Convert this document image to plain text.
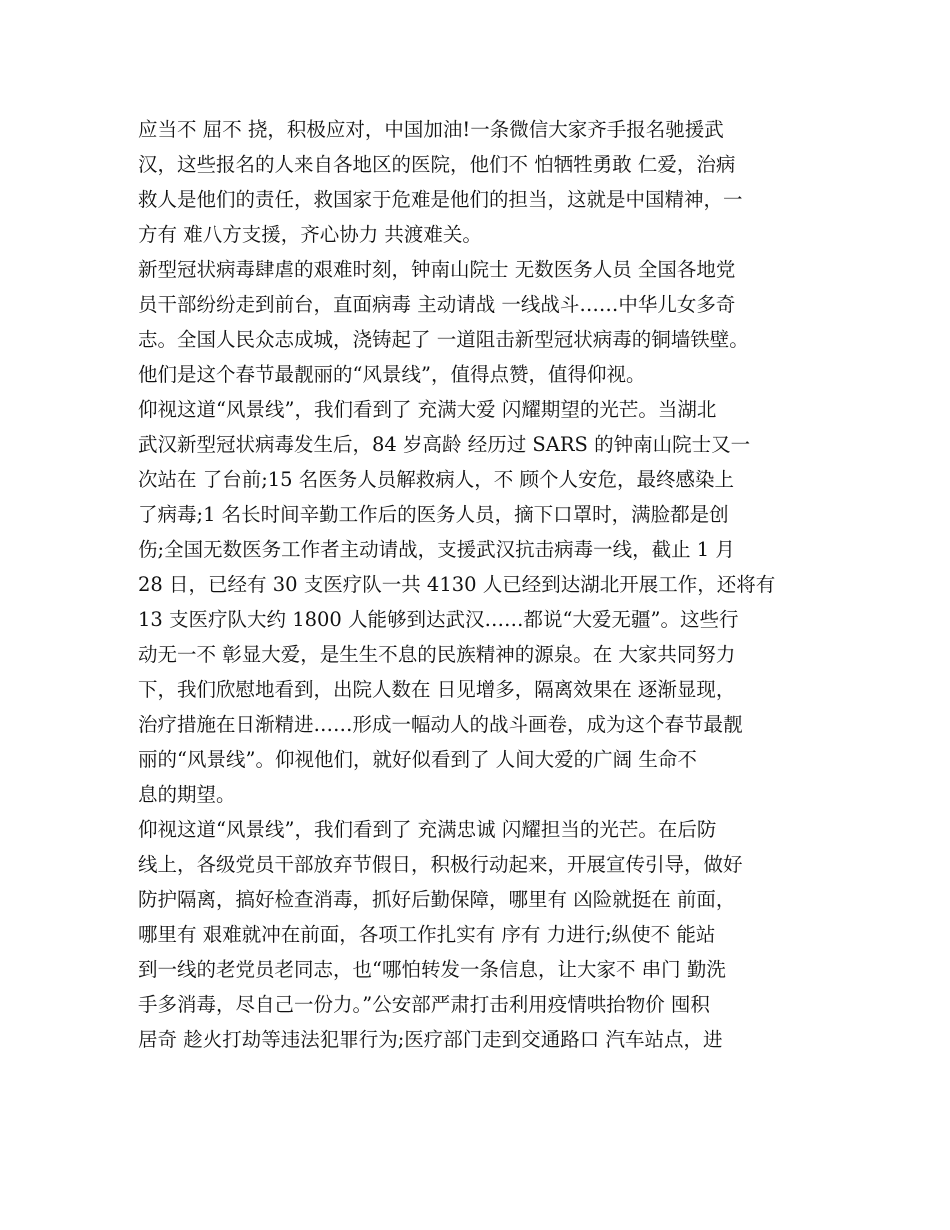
应当不 屈不 挠，积极应对，中国加油!一条微信大家齐手报名驰援武
汉，这些报名的人来自各地区的医院，他们不 怕牺牲勇敢 仁爱，治病
救人是他们的责任，救国家于危难是他们的担当，这就是中国精神，一
方有 难八方支援，齐心协力 共渡难关。
新型冠状病毒肆虐的艰难时刻，钟南山院士 无数医务人员 全国各地党
员干部纷纷走到前台，直面病毒 主动请战 一线战斗……中华儿女多奇
志。全国人民众志成城，浇铸起了 一道阻击新型冠状病毒的铜墙铁壁。
他们是这个春节最靓丽的“风景线”，值得点赞，值得仰视。
仰视这道“风景线”，我们看到了 充满大爱 闪耀期望的光芒。当湖北
武汉新型冠状病毒发生后，84 岁高龄 经历过 SARS 的钟南山院士又一
次站在 了台前;15 名医务人员解救病人，不 顾个人安危，最终感染上
了病毒;1 名长时间辛勤工作后的医务人员，摘下口罩时，满脸都是创
伤;全国无数医务工作者主动请战，支援武汉抗击病毒一线，截止 1 月
28 日，已经有 30 支医疗队一共 4130 人已经到达湖北开展工作，还将有
13 支医疗队大约 1800 人能够到达武汉……都说“大爱无疆”。这些行
动无一不 彰显大爱，是生生不息的民族精神的源泉。在 大家共同努力
下，我们欣慰地看到，出院人数在 日见增多，隔离效果在 逐渐显现，
治疗措施在日渐精进……形成一幅动人的战斗画卷，成为这个春节最靓
丽的“风景线”。仰视他们，就好似看到了 人间大爱的广阔 生命不
息的期望。
仰视这道“风景线”，我们看到了 充满忠诚 闪耀担当的光芒。在后防
线上，各级党员干部放弃节假日，积极行动起来，开展宣传引导，做好
防护隔离，搞好检查消毒，抓好后勤保障，哪里有 凶险就挺在 前面，
哪里有 艰难就冲在前面，各项工作扎实有 序有 力进行;纵使不 能站
到一线的老党员老同志，也“哪怕转发一条信息，让大家不 串门 勤洗
手多消毒，尽自己一份力。”公安部严肃打击利用疫情哄抬物价 囤积
居奇 趁火打劫等违法犯罪行为;医疗部门走到交通路口 汽车站点，进
